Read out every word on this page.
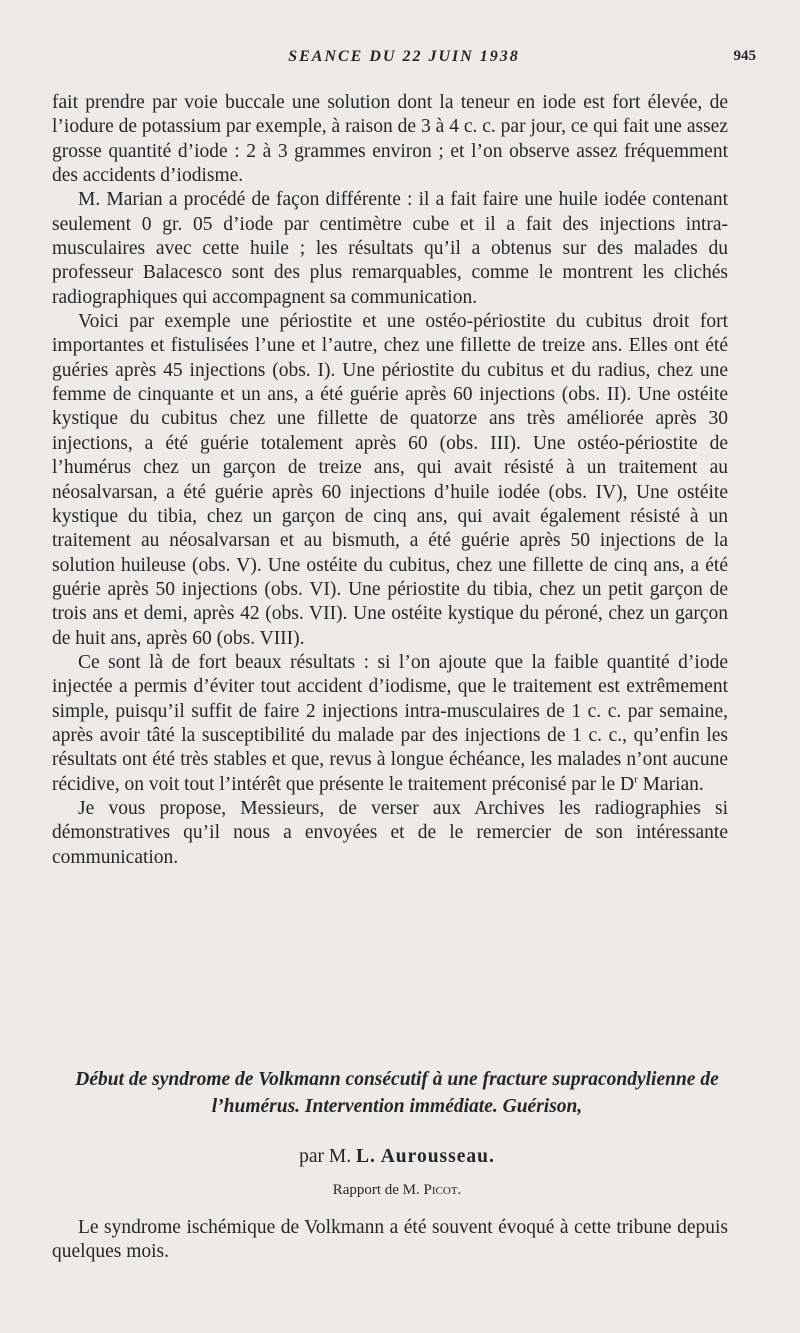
SEANCE DU 22 JUIN 1938	945

fait prendre par voie buccale une solution dont la teneur en iode est fort élevée, de l’iodure de potassium par exemple, à raison de 3 à 4 c. c. par jour, ce qui fait une assez grosse quantité d’iode : 2 à 3 grammes environ ; et l’on observe assez fréquemment des accidents d’iodisme.

M. Marian a procédé de façon différente : il a fait faire une huile iodée contenant seulement 0 gr. 05 d’iode par centimètre cube et il a fait des injections intra-musculaires avec cette huile ; les résultats qu’il a obtenus sur des malades du professeur Balacesco sont des plus remarquables, comme le montrent les clichés radiographiques qui accompagnent sa communication.

Voici par exemple une périostite et une ostéo-périostite du cubitus droit fort importantes et fistulisées l’une et l’autre, chez une fillette de treize ans. Elles ont été guéries après 45 injections (obs. I). Une périostite du cubitus et du radius, chez une femme de cinquante et un ans, a été guérie après 60 injections (obs. II). Une ostéite kystique du cubitus chez une fillette de quatorze ans très améliorée après 30 injections, a été guérie totalement après 60 (obs. III). Une ostéo-périostite de l’humérus chez un garçon de treize ans, qui avait résisté à un traitement au néosalvarsan, a été guérie après 60 injections d’huile iodée (obs. IV), Une ostéite kystique du tibia, chez un garçon de cinq ans, qui avait également résisté à un traitement au néosalvarsan et au bismuth, a été guérie après 50 injections de la solution huileuse (obs. V). Une ostéite du cubitus, chez une fillette de cinq ans, a été guérie après 50 injections (obs. VI). Une périostite du tibia, chez un petit garçon de trois ans et demi, après 42 (obs. VII). Une ostéite kystique du péroné, chez un garçon de huit ans, après 60 (obs. VIII).

Ce sont là de fort beaux résultats : si l’on ajoute que la faible quantité d’iode injectée a permis d’éviter tout accident d’iodisme, que le traitement est extrêmement simple, puisqu’il suffit de faire 2 injections intra-musculaires de 1 c. c. par semaine, après avoir tâté la susceptibilité du malade par des injections de 1 c. c., qu’enfin les résultats ont été très stables et que, revus à longue échéance, les malades n’ont aucune récidive, on voit tout l’intérêt que présente le traitement préconisé par le $D^r$ Marian.

Je vous propose, Messieurs, de verser aux Archives les radiographies si démonstratives qu’il nous a envoyées et de le remercier de son intéressante communication.

Début de syndrome de Volkmann consécutif à une fracture supracondylienne de l’humérus. Intervention immédiate. Guérison,

par M. L. Aurousseau.

Rapport de M. Picot.

Le syndrome ischémique de Volkmann a été souvent évoqué à cette tribune depuis quelques mois.
